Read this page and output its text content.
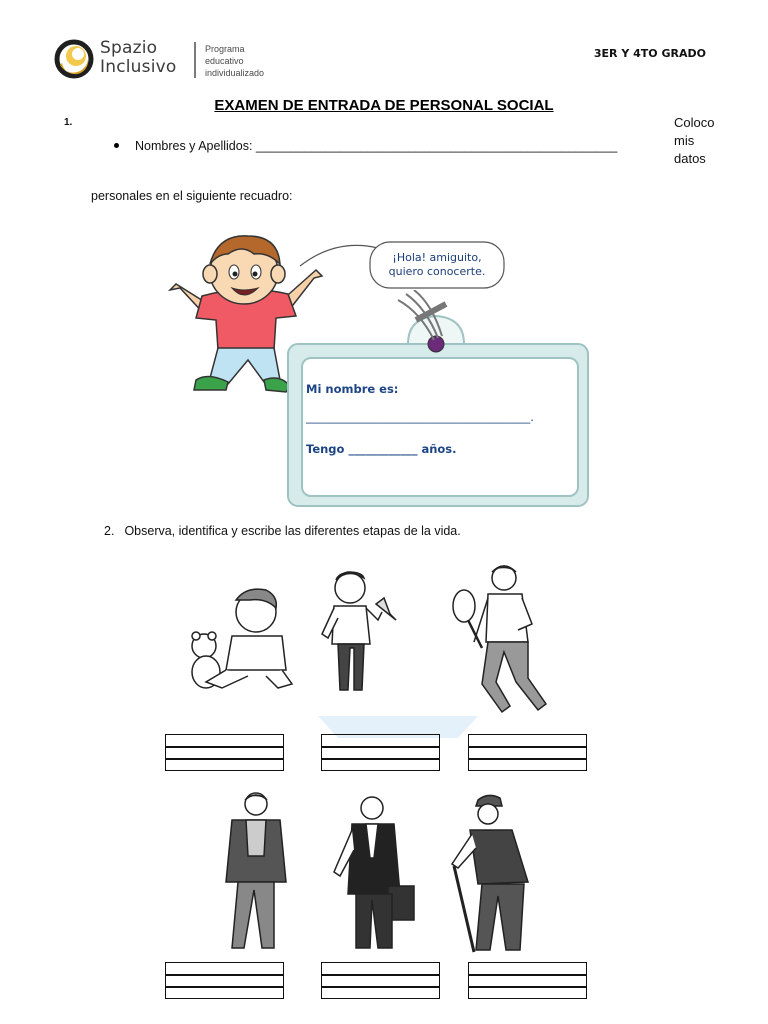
Spazio
Inclusivo
Programa
educativo
individualizado
3ER Y 4TO GRADO
EXAMEN DE ENTRADA DE PERSONAL SOCIAL
1.	Coloco
mis
datos
Nombres y Apellidos: ____________________________________________________
personales en el siguiente recuadro:
¡Hola! amiguito,
quiero conocerte.
Mi nombre es:
_______________________________________.
Tengo ____________ años.
2. Observa, identifica y escribe las diferentes etapas de la vida.
